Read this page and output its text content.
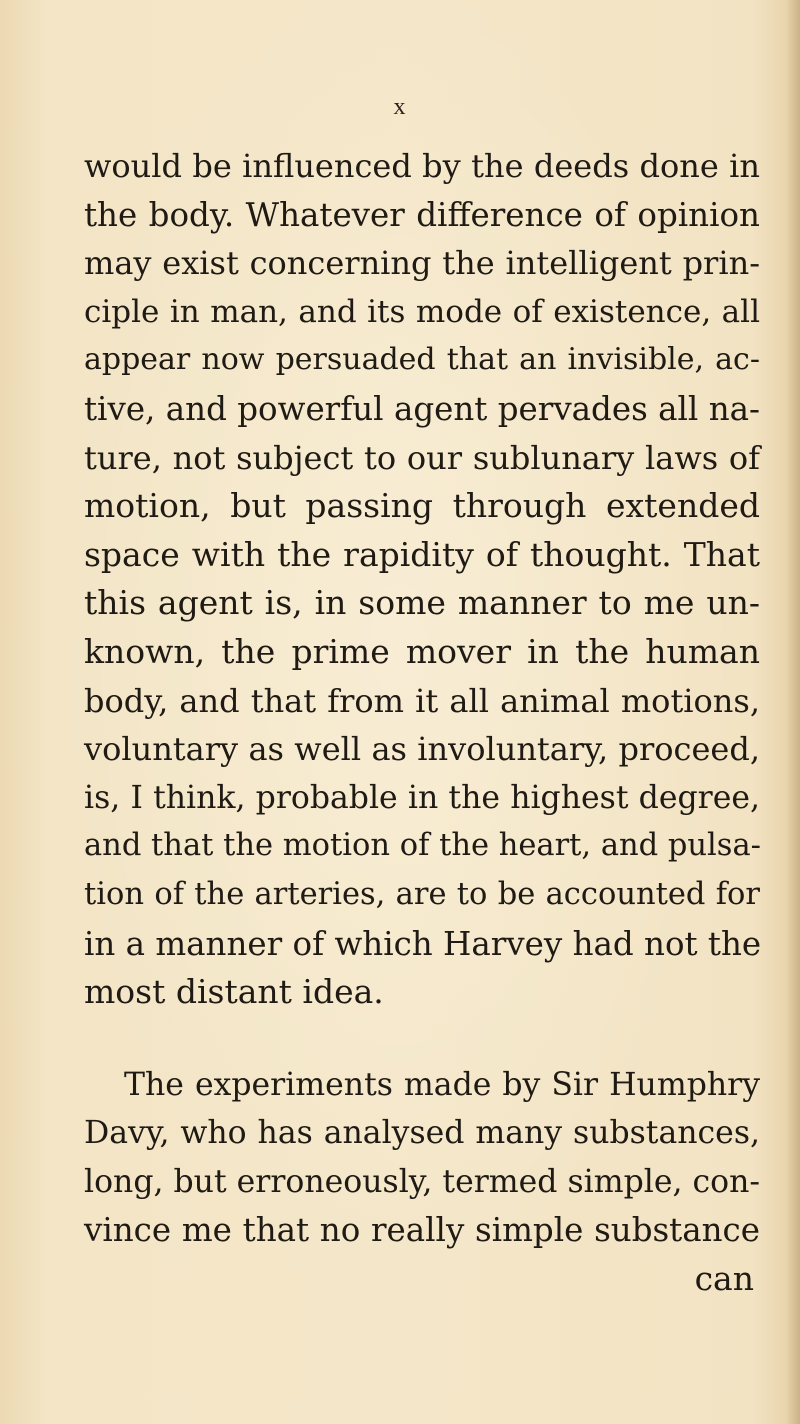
x
would be influenced by the deeds done in
the body. Whatever difference of opinion
may exist concerning the intelligent prin-
ciple in man, and its mode of existence, all
appear now persuaded that an invisible, ac-
tive, and powerful agent pervades all na-
ture, not subject to our sublunary laws of
motion, but passing through extended
space with the rapidity of thought. That
this agent is, in some manner to me un-
known, the prime mover in the human
body, and that from it all animal motions,
voluntary as well as involuntary, proceed,
is, I think, probable in the highest degree,
and that the motion of the heart, and pulsa-
tion of the arteries, are to be accounted for
in a manner of which Harvey had not the
most distant idea.
The experiments made by Sir Humphry
Davy, who has analysed many substances,
long, but erroneously, termed simple, con-
vince me that no really simple substance
can
